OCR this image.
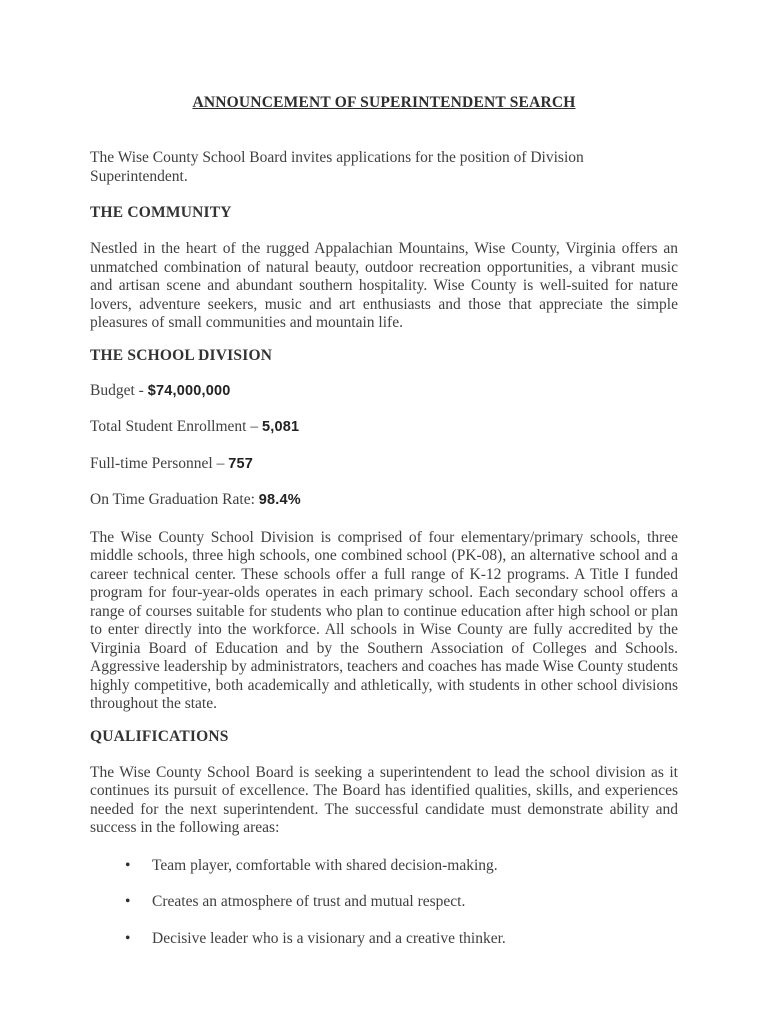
ANNOUNCEMENT OF SUPERINTENDENT SEARCH

The Wise County School Board invites applications for the position of Division Superintendent.

THE COMMUNITY

Nestled in the heart of the rugged Appalachian Mountains, Wise County, Virginia offers an unmatched combination of natural beauty, outdoor recreation opportunities, a vibrant music and artisan scene and abundant southern hospitality. Wise County is well-suited for nature lovers, adventure seekers, music and art enthusiasts and those that appreciate the simple pleasures of small communities and mountain life.

THE SCHOOL DIVISION

Budget - $74,000,000

Total Student Enrollment – 5,081

Full-time Personnel – 757

On Time Graduation Rate: 98.4%

The Wise County School Division is comprised of four elementary/primary schools, three middle schools, three high schools, one combined school (PK-08), an alternative school and a career technical center. These schools offer a full range of K-12 programs. A Title I funded program for four-year-olds operates in each primary school. Each secondary school offers a range of courses suitable for students who plan to continue education after high school or plan to enter directly into the workforce. All schools in Wise County are fully accredited by the Virginia Board of Education and by the Southern Association of Colleges and Schools. Aggressive leadership by administrators, teachers and coaches has made Wise County students highly competitive, both academically and athletically, with students in other school divisions throughout the state.

QUALIFICATIONS

The Wise County School Board is seeking a superintendent to lead the school division as it continues its pursuit of excellence. The Board has identified qualities, skills, and experiences needed for the next superintendent. The successful candidate must demonstrate ability and success in the following areas:

• Team player, comfortable with shared decision-making.
• Creates an atmosphere of trust and mutual respect.
• Decisive leader who is a visionary and a creative thinker.
